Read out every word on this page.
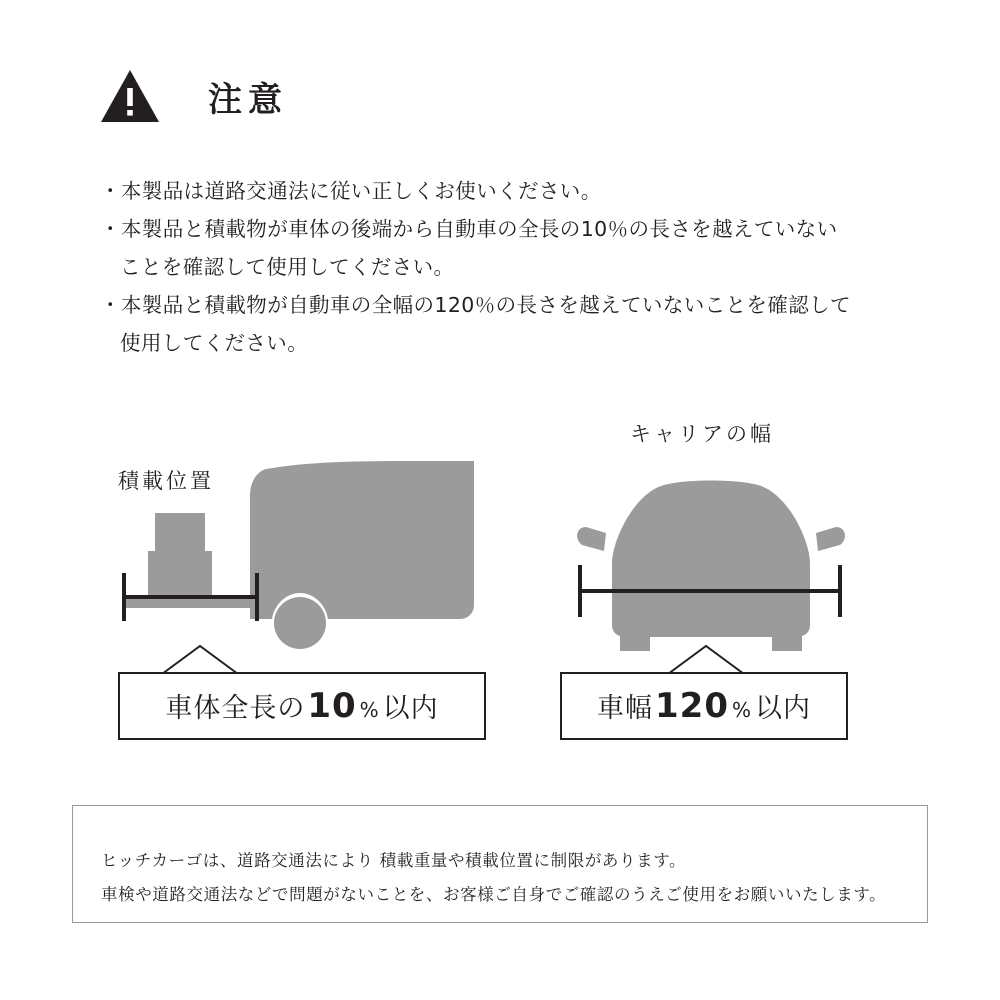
注意
・本製品は道路交通法に従い正しくお使いください。
・本製品と積載物が車体の後端から自動車の全長の10％の長さを越えていない
ことを確認して使用してください。
・本製品と積載物が自動車の全幅の120％の長さを越えていないことを確認して
使用してください。
積載位置
キャリアの幅
車体全長の 10 % 以内	車幅 120 % 以内
ヒッチカーゴは、道路交通法により 積載重量や積載位置に制限があります。
車検や道路交通法などで問題がないことを、お客様ご自身でご確認のうえご使用をお願いいたします。
